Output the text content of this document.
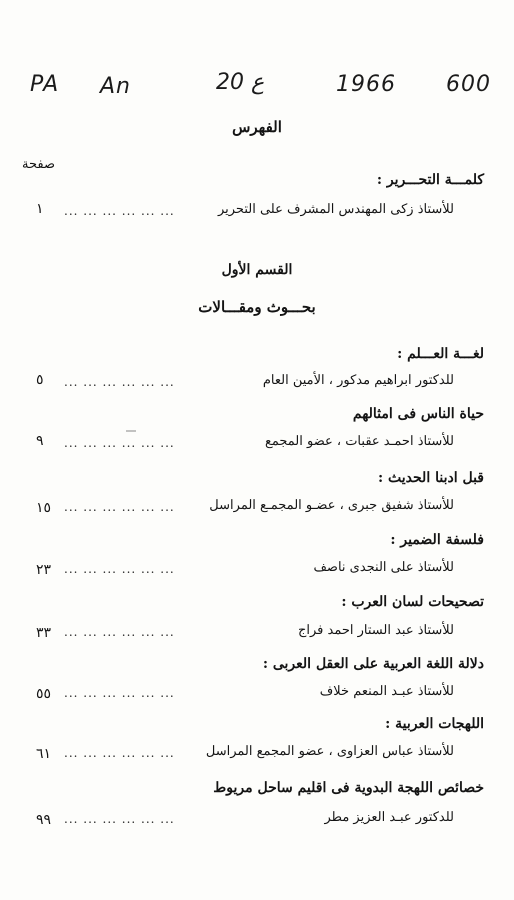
PA An	20 ع	1966 600
الفهرس
صفحة
كلمـــة التحـــرير :
للأستاذ زكى المهندس المشرف على التحرير
... ... ... ... ... ...
١
القسم الأول
بحـــوث ومقـــالات
لغـــة العـــلم :
للدكتور ابراهيم مدكور ، الأمين العام
... ... ... ... ... ...
٥
حياة الناس فى امثالهم
للأستاذ احمـد عقبات ، عضو المجمع
... ... ... ... ... ...
٩
قبل ادبنا الحديث :
للأستاذ شفيق جبرى ، عضـو المجمـع المراسل
... ... ... ... ... ...
١٥
فلسفة الضمير :
للأستاذ على النجدى ناصف
... ... ... ... ... ...
٢٣
تصحيحات لسان العرب :
للأستاذ عبد الستار احمد فراج
... ... ... ... ... ...
٣٣
دلالة اللغة العربية على العقل العربى :
للأستاذ عبـد المنعم خلاف
... ... ... ... ... ...
٥٥
اللهجات العربية :
للأستاذ عباس العزاوى ، عضو المجمع المراسل
... ... ... ... ... ...
٦١
خصائص اللهجة البدوية فى اقليم ساحل مريوط
للدكتور عبـد العزيز مطر
... ... ... ... ... ...
٩٩
